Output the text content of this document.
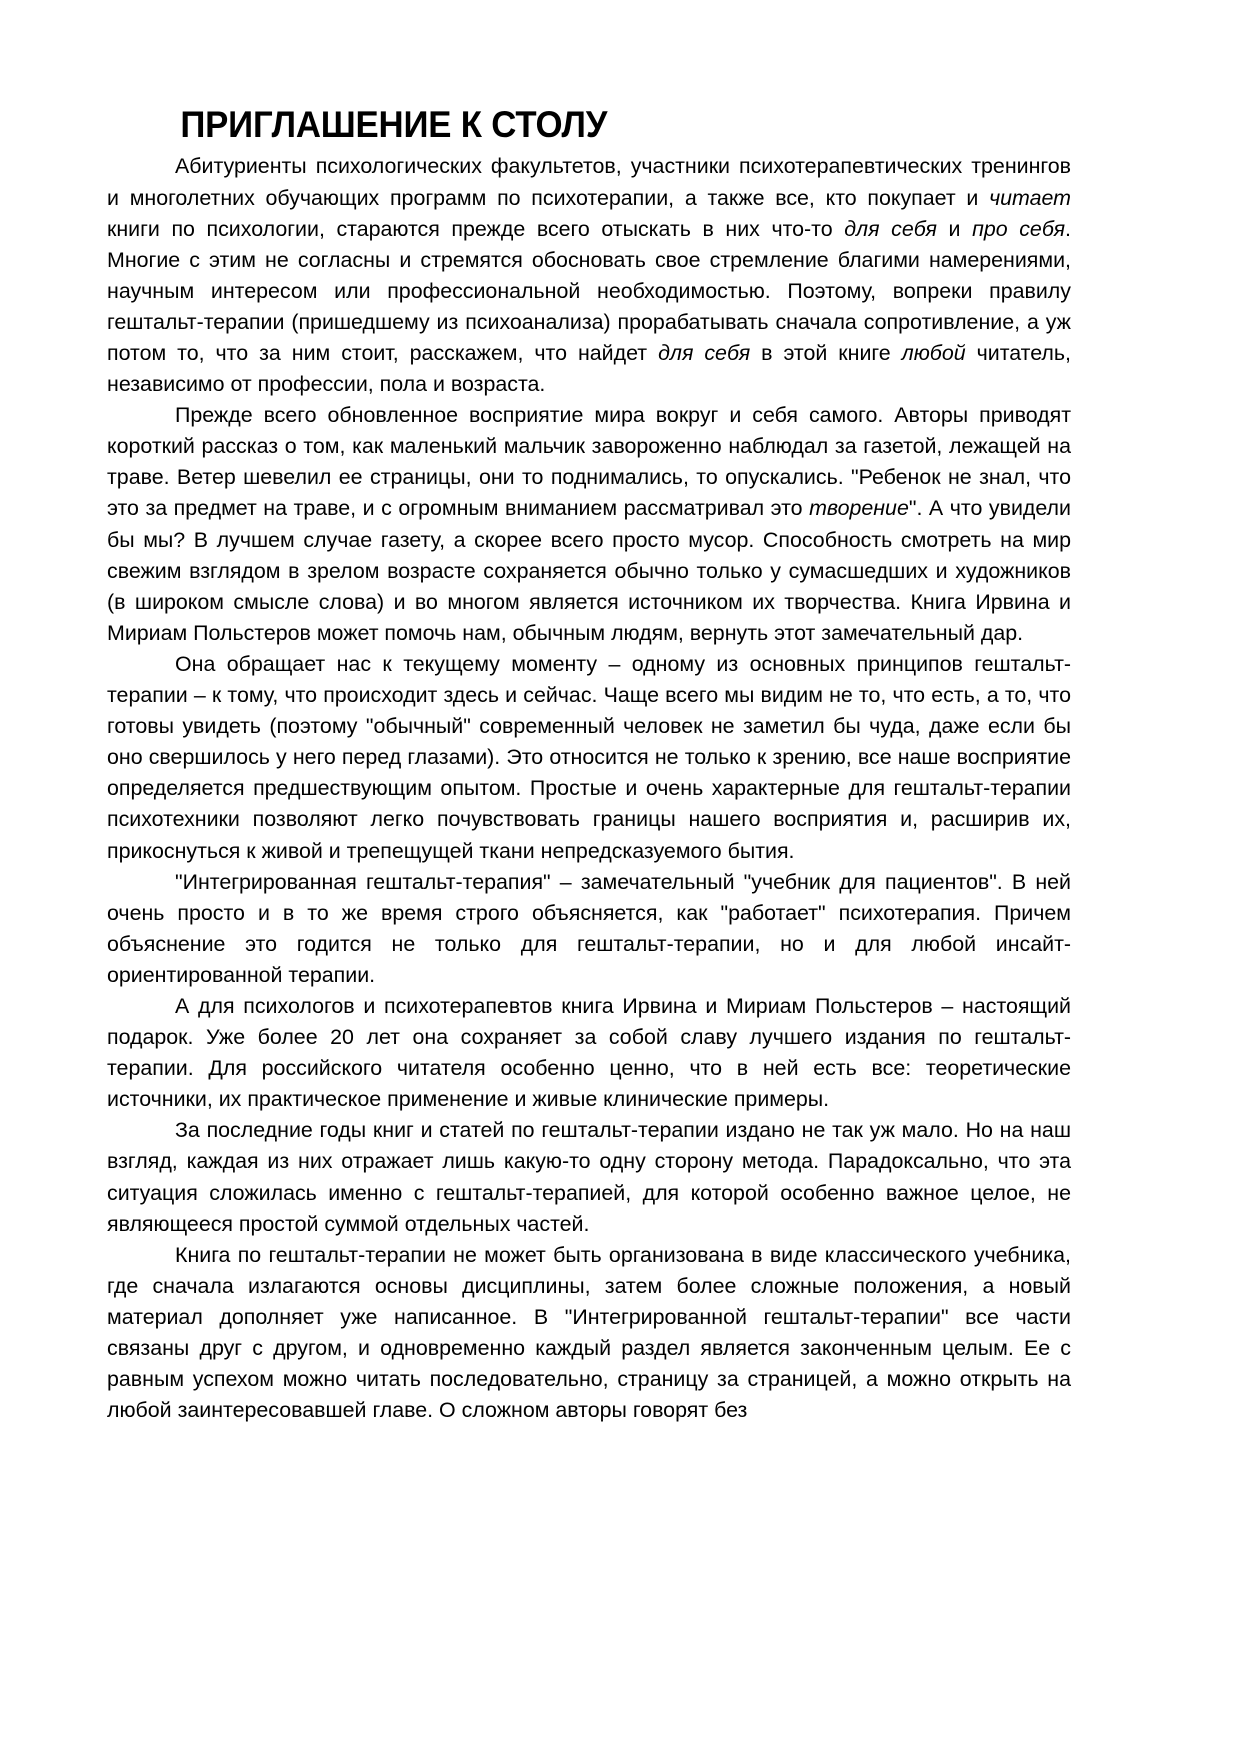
ПРИГЛАШЕНИЕ К СТОЛУ

Абитуриенты психологических факультетов, участники психотерапевтических тренингов и многолетних обучающих программ по психотерапии, а также все, кто покупает и читает книги по психологии, стараются прежде всего отыскать в них что-то для себя и про себя. Многие с этим не согласны и стремятся обосновать свое стремление благими намерениями, научным интересом или профессиональной необходимостью. Поэтому, вопреки правилу гештальт-терапии (пришедшему из психоанализа) прорабатывать сначала сопротивление, а уж потом то, что за ним стоит, расскажем, что найдет для себя в этой книге любой читатель, независимо от профессии, пола и возраста.

Прежде всего обновленное восприятие мира вокруг и себя самого. Авторы приводят короткий рассказ о том, как маленький мальчик завороженно наблюдал за газетой, лежащей на траве. Ветер шевелил ее страницы, они то поднимались, то опускались. "Ребенок не знал, что это за предмет на траве, и с огромным вниманием рассматривал это творение". А что увидели бы мы? В лучшем случае газету, а скорее всего просто мусор. Способность смотреть на мир свежим взглядом в зрелом возрасте сохраняется обычно только у сумасшедших и художников (в широком смысле слова) и во многом является источником их творчества. Книга Ирвина и Мириам Польстеров может помочь нам, обычным людям, вернуть этот замечательный дар.

Она обращает нас к текущему моменту – одному из основных принципов гештальт-терапии – к тому, что происходит здесь и сейчас. Чаще всего мы видим не то, что есть, а то, что готовы увидеть (поэтому "обычный" современный человек не заметил бы чуда, даже если бы оно свершилось у него перед глазами). Это относится не только к зрению, все наше восприятие определяется предшествующим опытом. Простые и очень характерные для гештальт-терапии психотехники позволяют легко почувствовать границы нашего восприятия и, расширив их, прикоснуться к живой и трепещущей ткани непредсказуемого бытия.

"Интегрированная гештальт-терапия" – замечательный "учебник для пациентов". В ней очень просто и в то же время строго объясняется, как "работает" психотерапия. Причем объяснение это годится не только для гештальт-терапии, но и для любой инсайт-ориентированной терапии.

А для психологов и психотерапевтов книга Ирвина и Мириам Польстеров – настоящий подарок. Уже более 20 лет она сохраняет за собой славу лучшего издания по гештальт-терапии. Для российского читателя особенно ценно, что в ней есть все: теоретические источники, их практическое применение и живые клинические примеры.

За последние годы книг и статей по гештальт-терапии издано не так уж мало. Но на наш взгляд, каждая из них отражает лишь какую-то одну сторону метода. Парадоксально, что эта ситуация сложилась именно с гештальт-терапией, для которой особенно важное целое, не являющееся простой суммой отдельных частей.

Книга по гештальт-терапии не может быть организована в виде классического учебника, где сначала излагаются основы дисциплины, затем более сложные положения, а новый материал дополняет уже написанное. В "Интегрированной гештальт-терапии" все части связаны друг с другом, и одновременно каждый раздел является законченным целым. Ее с равным успехом можно читать последовательно, страницу за страницей, а можно открыть на любой заинтересовавшей главе. О сложном авторы говорят без
